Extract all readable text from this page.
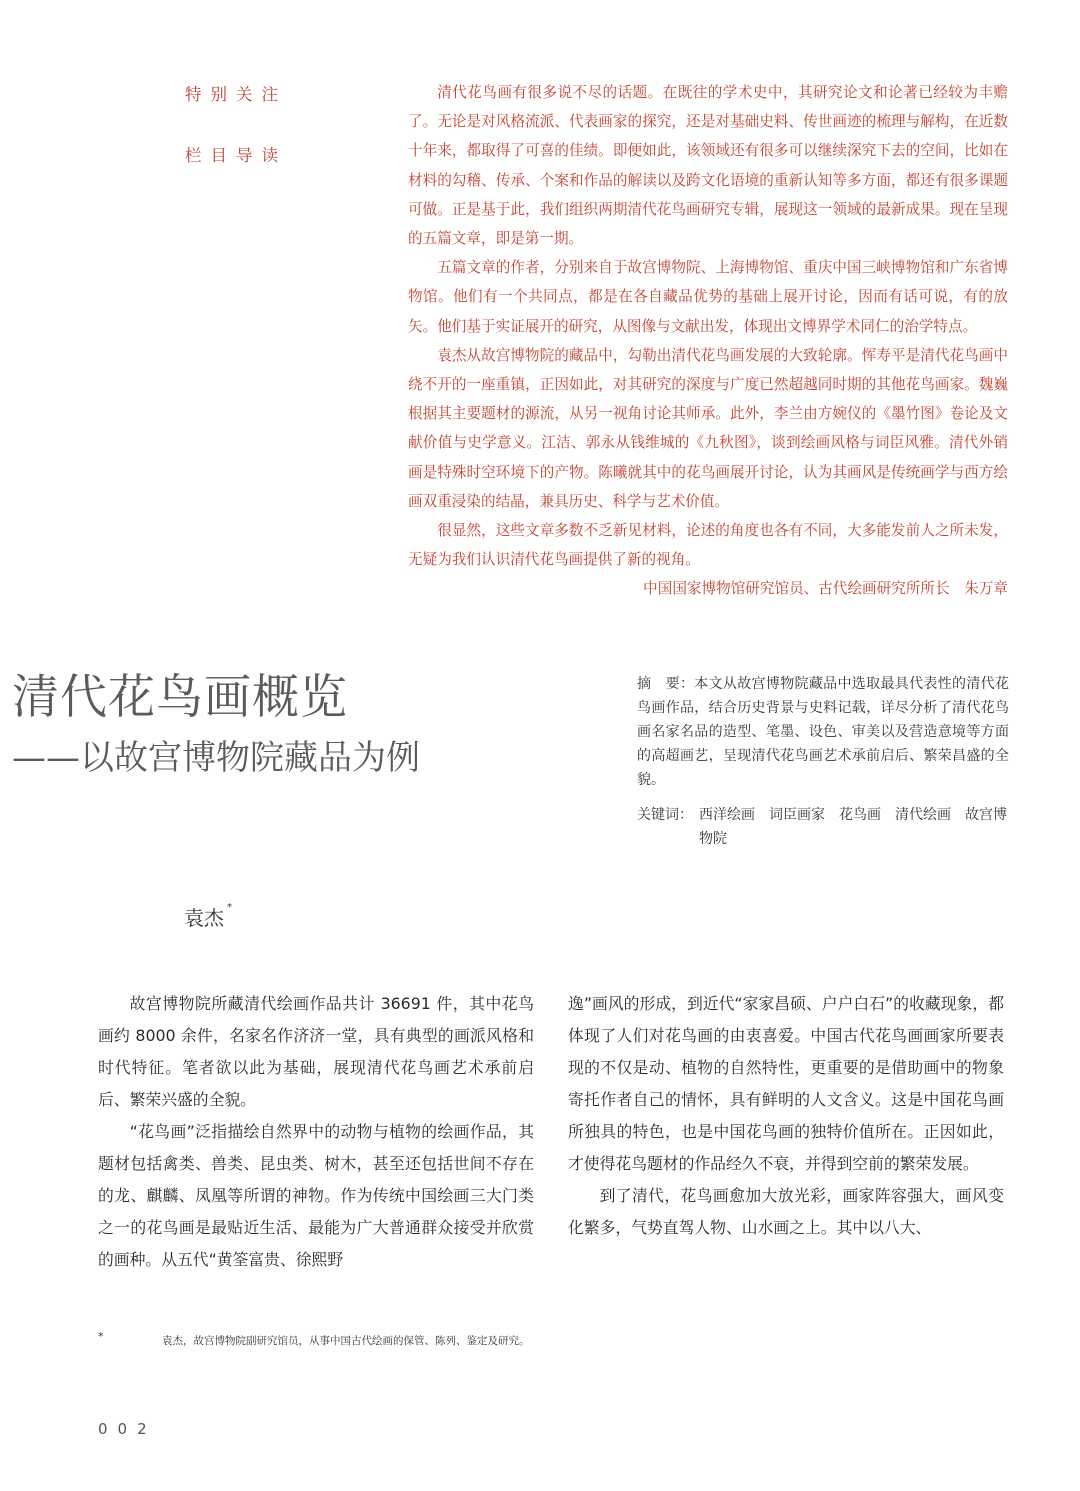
特别关注
栏目导读

清代花鸟画有很多说不尽的话题。在既往的学术史中，其研究论文和论著已经较为丰赡了。无论是对风格流派、代表画家的探究，还是对基础史料、传世画迹的梳理与解构，在近数十年来，都取得了可喜的佳绩。即便如此，该领域还有很多可以继续深究下去的空间，比如在材料的勾稽、传承、个案和作品的解读以及跨文化语境的重新认知等多方面，都还有很多课题可做。正是基于此，我们组织两期清代花鸟画研究专辑，展现这一领域的最新成果。现在呈现的五篇文章，即是第一期。

五篇文章的作者，分别来自于故宫博物院、上海博物馆、重庆中国三峡博物馆和广东省博物馆。他们有一个共同点，都是在各自藏品优势的基础上展开讨论，因而有话可说，有的放矢。他们基于实证展开的研究，从图像与文献出发，体现出文博界学术同仁的治学特点。

袁杰从故宫博物院的藏品中，勾勒出清代花鸟画发展的大致轮廓。恽寿平是清代花鸟画中绕不开的一座重镇，正因如此，对其研究的深度与广度已然超越同时期的其他花鸟画家。魏巍根据其主要题材的源流，从另一视角讨论其师承。此外，李兰由方婉仪的《墨竹图》卷论及文献价值与史学意义。江洁、郭永从钱维城的《九秋图》，谈到绘画风格与词臣风雅。清代外销画是特殊时空环境下的产物。陈曦就其中的花鸟画展开讨论，认为其画风是传统画学与西方绘画双重浸染的结晶，兼具历史、科学与艺术价值。

很显然，这些文章多数不乏新见材料，论述的角度也各有不同，大多能发前人之所未发，无疑为我们认识清代花鸟画提供了新的视角。

中国国家博物馆研究馆员、古代绘画研究所所长　朱万章

清代花鸟画概览
——以故宫博物院藏品为例
摘　要：本文从故宫博物院藏品中选取最具代表性的清代花鸟画作品，结合历史背景与史料记载，详尽分析了清代花鸟画名家名品的造型、笔墨、设色、审美以及营造意境等方面的高超画艺，呈现清代花鸟画艺术承前启后、繁荣昌盛的全貌。
关键词： 西洋绘画　词臣画家　花鸟画　清代绘画　故宫博物院
袁杰 *

故宫博物院所藏清代绘画作品共计 36691 件，其中花鸟画约 8000 余件，名家名作济济一堂，具有典型的画派风格和时代特征。笔者欲以此为基础，展现清代花鸟画艺术承前启后、繁荣兴盛的全貌。

“花鸟画”泛指描绘自然界中的动物与植物的绘画作品，其题材包括禽类、兽类、昆虫类、树木，甚至还包括世间不存在的龙、麒麟、凤凰等所谓的神物。作为传统中国绘画三大门类之一的花鸟画是最贴近生活、最能为广大普通群众接受并欣赏的画种。从五代“黄筌富贵、徐熙野

逸”画风的形成，到近代“家家昌硕、户户白石”的收藏现象，都体现了人们对花鸟画的由衷喜爱。中国古代花鸟画画家所要表现的不仅是动、植物的自然特性，更重要的是借助画中的物象寄托作者自己的情怀，具有鲜明的人文含义。这是中国花鸟画所独具的特色，也是中国花鸟画的独特价值所在。正因如此，才使得花鸟题材的作品经久不衰，并得到空前的繁荣发展。

到了清代，花鸟画愈加大放光彩，画家阵容强大，画风变化繁多，气势直驾人物、山水画之上。其中以八大、

*	袁杰，故宫博物院副研究馆员，从事中国古代绘画的保管、陈列、鉴定及研究。
002
